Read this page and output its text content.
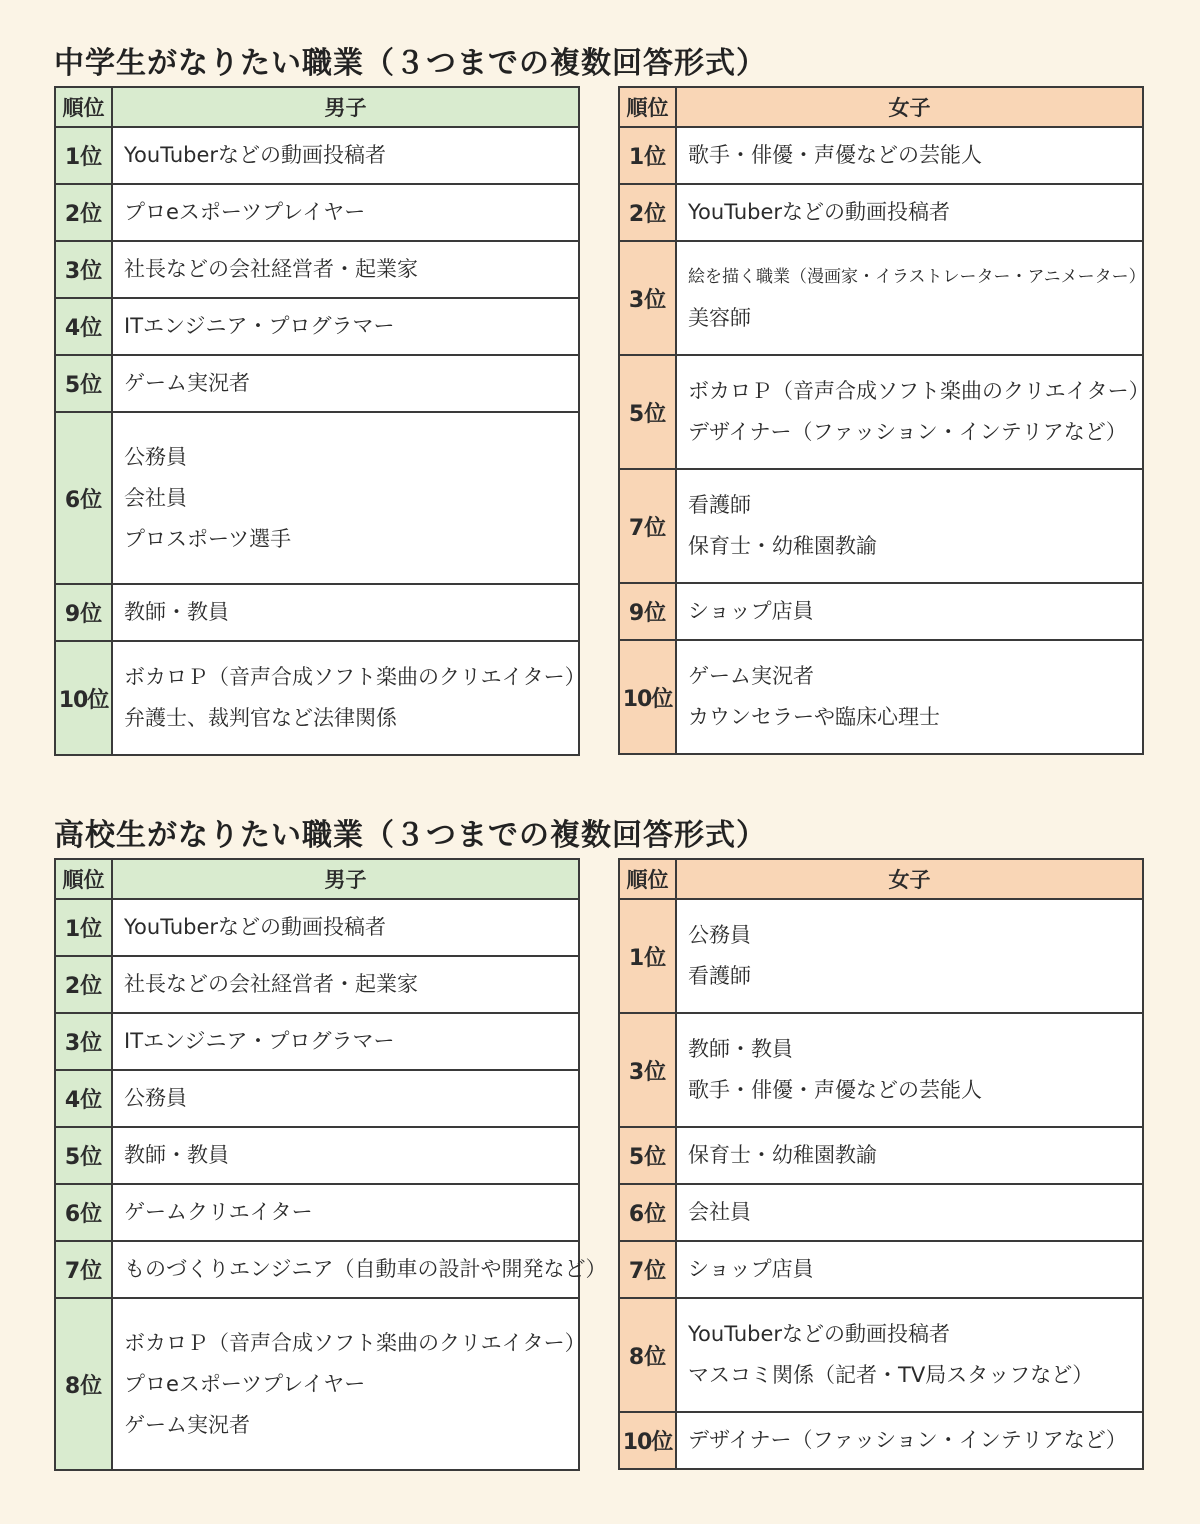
中学生がなりたい職業（３つまでの複数回答形式）
順位	男子
1位	YouTuberなどの動画投稿者

2位	プロeスポーツプレイヤー

3位	社長などの会社経営者・起業家

4位	ITエンジニア・プログラマー

5位	ゲーム実況者

6位	公務員
会社員
プロスポーツ選手

9位	教師・教員

10位	ボカロＰ（音声合成ソフト楽曲のクリエイター）
弁護士、裁判官など法律関係
順位	女子
1位	歌手・俳優・声優などの芸能人

2位	YouTuberなどの動画投稿者

3位	絵を描く職業（漫画家・イラストレーター・アニメーター）
美容師

5位	ボカロＰ（音声合成ソフト楽曲のクリエイター）
デザイナー（ファッション・インテリアなど）

7位	看護師
保育士・幼稚園教諭

9位	ショップ店員

10位	ゲーム実況者
カウンセラーや臨床心理士
高校生がなりたい職業（３つまでの複数回答形式）
順位	男子
1位	YouTuberなどの動画投稿者

2位	社長などの会社経営者・起業家

3位	ITエンジニア・プログラマー

4位	公務員

5位	教師・教員

6位	ゲームクリエイター

7位	ものづくりエンジニア（自動車の設計や開発など）

8位	ボカロＰ（音声合成ソフト楽曲のクリエイター）
プロeスポーツプレイヤー
ゲーム実況者
順位	女子
1位	公務員
看護師

3位	教師・教員
歌手・俳優・声優などの芸能人

5位	保育士・幼稚園教諭

6位	会社員

7位	ショップ店員

8位	YouTuberなどの動画投稿者
マスコミ関係（記者・TV局スタッフなど）

10位	デザイナー（ファッション・インテリアなど）
